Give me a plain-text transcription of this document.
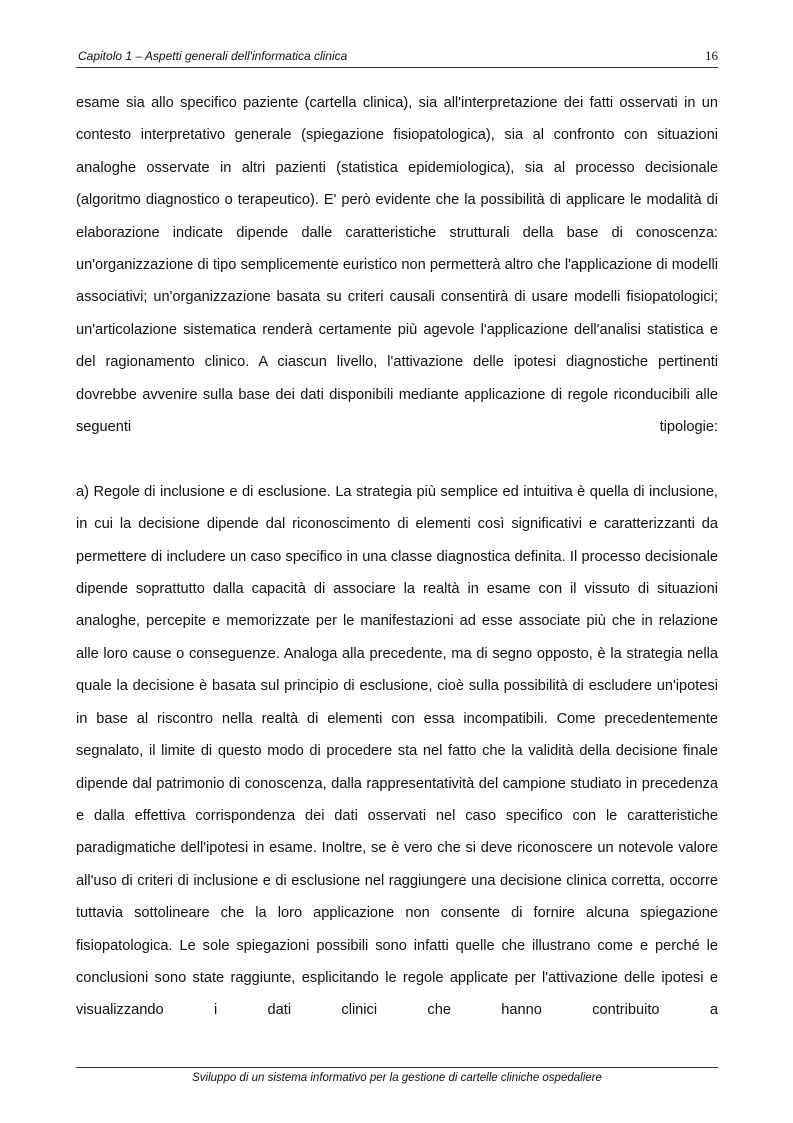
Capitolo 1 – Aspetti generali dell'informatica clinica	16

esame sia allo specifico paziente (cartella clinica), sia all'interpretazione dei fatti osservati in un contesto interpretativo generale (spiegazione fisiopatologica), sia al confronto con situazioni analoghe osservate in altri pazienti (statistica epidemiologica), sia al processo decisionale (algoritmo diagnostico o terapeutico). E' però evidente che la possibilità di applicare le modalità di elaborazione indicate dipende dalle caratteristiche strutturali della base di conoscenza: un'organizzazione di tipo semplicemente euristico non permetterà altro che l'applicazione di modelli associativi; un'organizzazione basata su criteri causali consentirà di usare modelli fisiopatologici; un'articolazione sistematica renderà certamente più agevole l'applicazione dell'analisi statistica e del ragionamento clinico. A ciascun livello, l'attivazione delle ipotesi diagnostiche pertinenti dovrebbe avvenire sulla base dei dati disponibili mediante applicazione di regole riconducibili alle seguenti tipologie:

a) Regole di inclusione e di esclusione. La strategia più semplice ed intuitiva è quella di inclusione, in cui la decisione dipende dal riconoscimento di elementi così significativi e caratterizzanti da permettere di includere un caso specifico in una classe diagnostica definita. Il processo decisionale dipende soprattutto dalla capacità di associare la realtà in esame con il vissuto di situazioni analoghe, percepite e memorizzate per le manifestazioni ad esse associate più che in relazione alle loro cause o conseguenze. Analoga alla precedente, ma di segno opposto, è la strategia nella quale la decisione è basata sul principio di esclusione, cioè sulla possibilità di escludere un'ipotesi in base al riscontro nella realtà di elementi con essa incompatibili. Come precedentemente segnalato, il limite di questo modo di procedere sta nel fatto che la validità della decisione finale dipende dal patrimonio di conoscenza, dalla rappresentatività del campione studiato in precedenza e dalla effettiva corrispondenza dei dati osservati nel caso specifico con le caratteristiche paradigmatiche dell'ipotesi in esame. Inoltre, se è vero che si deve riconoscere un notevole valore all'uso di criteri di inclusione e di esclusione nel raggiungere una decisione clinica corretta, occorre tuttavia sottolineare che la loro applicazione non consente di fornire alcuna spiegazione fisiopatologica. Le sole spiegazioni possibili sono infatti quelle che illustrano come e perché le conclusioni sono state raggiunte, esplicitando le regole applicate per l'attivazione delle ipotesi e visualizzando i dati clinici che hanno contribuito a

Sviluppo di un sistema informativo per la gestione di cartelle cliniche ospedaliere
